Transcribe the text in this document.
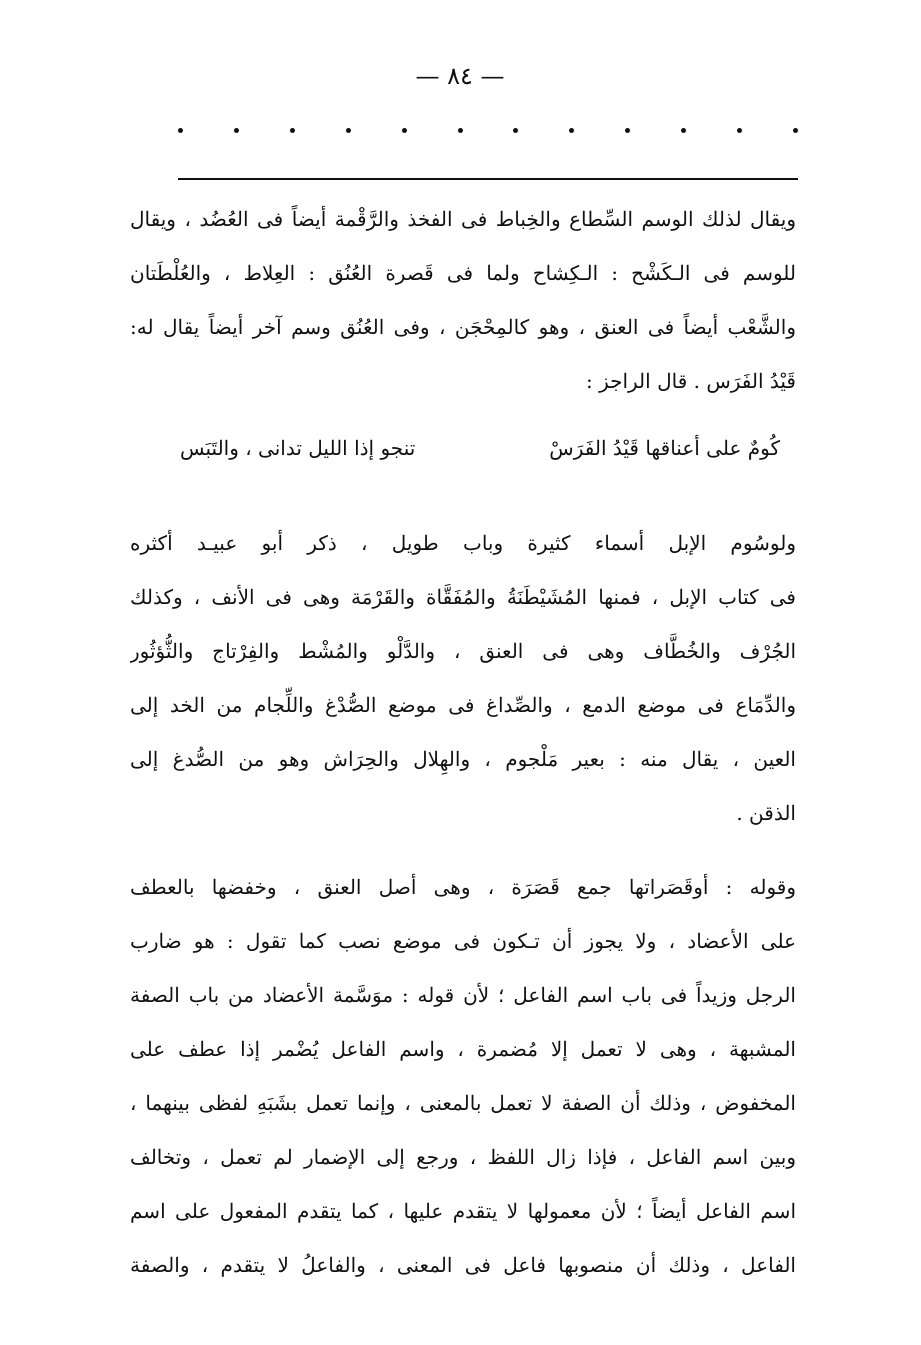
— ٨٤ —
ويقال لذلك الوسم السِّطاع والخِباط فى الفخذ والرَّقْمة أيضاً فى العُضُد ، ويقال
للوسم فى الـكَشْح : الـكِشاح ولما فى قَصرة العُنُق : العِلاط ، والعُلْطَتان
والشَّعْب أيضاً فى العنق ، وهو كالمِحْجَن ، وفى العُنُق وسم آخر أيضاً يقال له:
قَيْدُ الفَرَس . قال الراجز :
كُومٌ على أعناقها قَيْدُ الفَرَسْ
تنجو إذا الليل تدانى ، والتَبَس
ولوسُوم الإبل أسماء كثيرة وباب طويل ، ذكر أبو عبيـد أكثره
فى كتاب الإبل ، فمنها المُشَيْطَنَةُ والمُفَقَّاة والقَرْمَة وهى فى الأنف ، وكذلك
الجُرْف والخُطَّاف وهى فى العنق ، والدَّلْو والمُشْط والفِرْتاج والثُّؤثُور
والدِّمَاع فى موضع الدمع ، والصِّداغ فى موضع الصُّدْغ واللِّجام من الخد إلى
العين ، يقال منه : بعير مَلْجوم ، والهِلال والحِرَاش وهو من الصُّدغ إلى
الذقن .
وقوله : أوقَصَراتها جمع قَصَرَة ، وهى أصل العنق ، وخفضها بالعطف
على الأعضاد ، ولا يجوز أن تـكون فى موضع نصب كما تقول : هو ضارب
الرجل وزيداً فى باب اسم الفاعل ؛ لأن قوله : موَسَّمة الأعضاد من باب الصفة
المشبهة ، وهى لا تعمل إلا مُضمرة ، واسم الفاعل يُضْمر إذا عطف على
المخفوض ، وذلك أن الصفة لا تعمل بالمعنى ، وإنما تعمل بشَبَهِ لفظى بينهما ،
وبين اسم الفاعل ، فإذا زال اللفظ ، ورجع إلى الإضمار لم تعمل ، وتخالف
اسم الفاعل أيضاً ؛ لأن معمولها لا يتقدم عليها ، كما يتقدم المفعول على اسم
الفاعل ، وذلك أن منصوبها فاعل فى المعنى ، والفاعلُ لا يتقدم ، والصفة
